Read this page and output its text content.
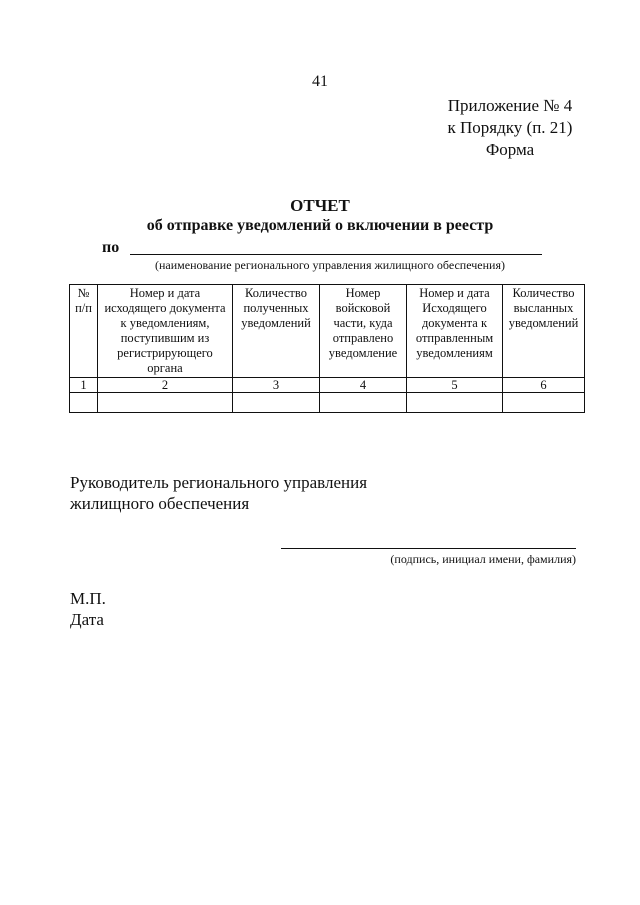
41
Приложение № 4
к Порядку (п. 21)
Форма
ОТЧЕТ
об отправке уведомлений о включении в реестр
по
(наименование регионального управления жилищного обеспечения)
№ п/п	Номер и дата исходящего документа к уведомлениям, поступившим из регистрирующего органа	Количество полученных уведомлений	Номер войсковой части, куда отправлено уведомление	Номер и дата Исходящего документа к отправленным уведомлениям	Количество высланных уведомлений
1	2	3	4	5	6

Руководитель регионального управления
жилищного обеспечения
(подпись, инициал имени, фамилия)
М.П.
Дата
